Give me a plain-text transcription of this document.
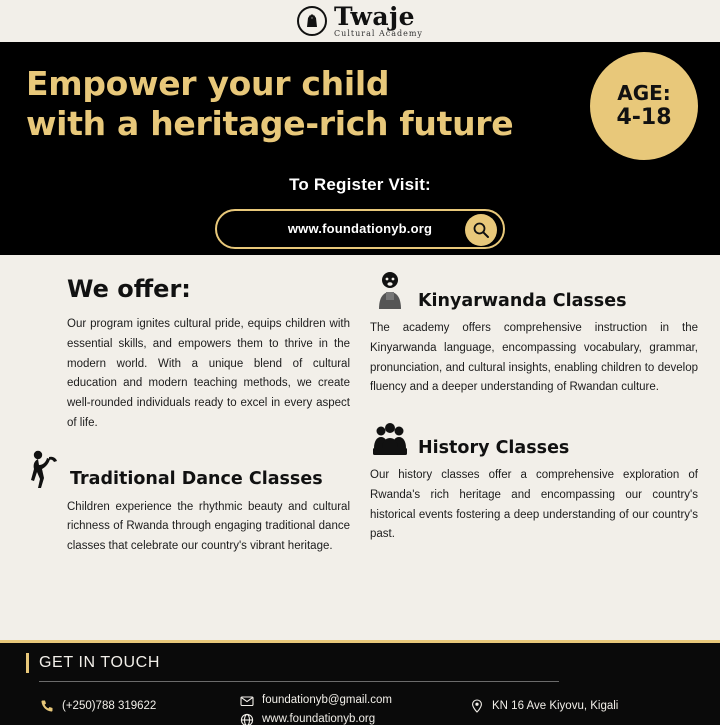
Twaje
Cultural Academy
Empower your child
with a heritage-rich future
AGE:
4-18
To Register Visit:
www.foundationyb.org
We offer:

Our program ignites cultural pride, equips children with essential skills, and empowers them to thrive in the modern world. With a unique blend of cultural education and modern teaching methods, we create well-rounded individuals ready to excel in every aspect of life.

Traditional Dance Classes

Children experience the rhythmic beauty and cultural richness of Rwanda through engaging traditional dance classes that celebrate our country's vibrant heritage.

Kinyarwanda Classes

The academy offers comprehensive instruction in the Kinyarwanda language, encompassing vocabulary, grammar, pronunciation, and cultural insights, enabling children to develop fluency and a deeper understanding of Rwandan culture.

History Classes

Our history classes offer a comprehensive exploration of Rwanda's rich heritage and encompassing our country's historical events fostering a deep understanding of our country's past.

GET IN TOUCH
(+250)788 319622	foundationyb@gmail.com
www.foundationyb.org
KN 16 Ave Kiyovu, Kigali
